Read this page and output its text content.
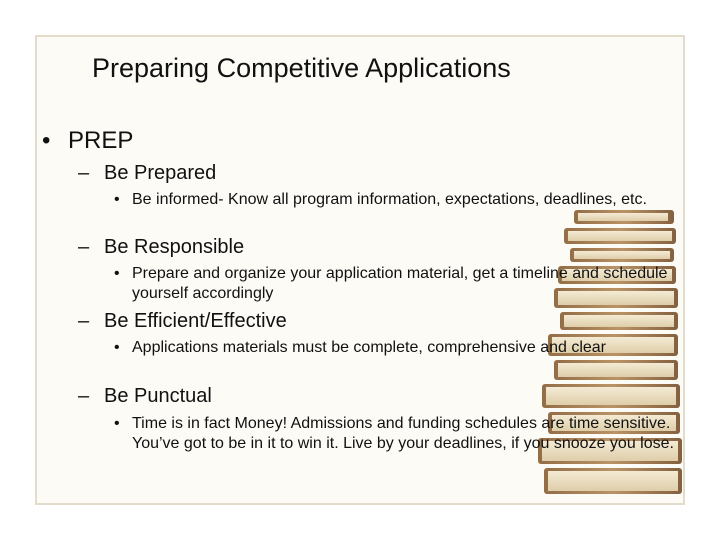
Preparing Competitive Applications
• PREP
– Be Prepared
• Be informed- Know all program information, expectations, deadlines, etc.
– Be Responsible
• Prepare and organize your application material, get a timeline and schedule yourself accordingly
– Be Efficient/Effective
• Applications materials must be complete, comprehensive and clear
– Be Punctual
• Time is in fact Money! Admissions and funding schedules are time sensitive. You’ve got to be in it to win it. Live by your deadlines, if you snooze you lose.
